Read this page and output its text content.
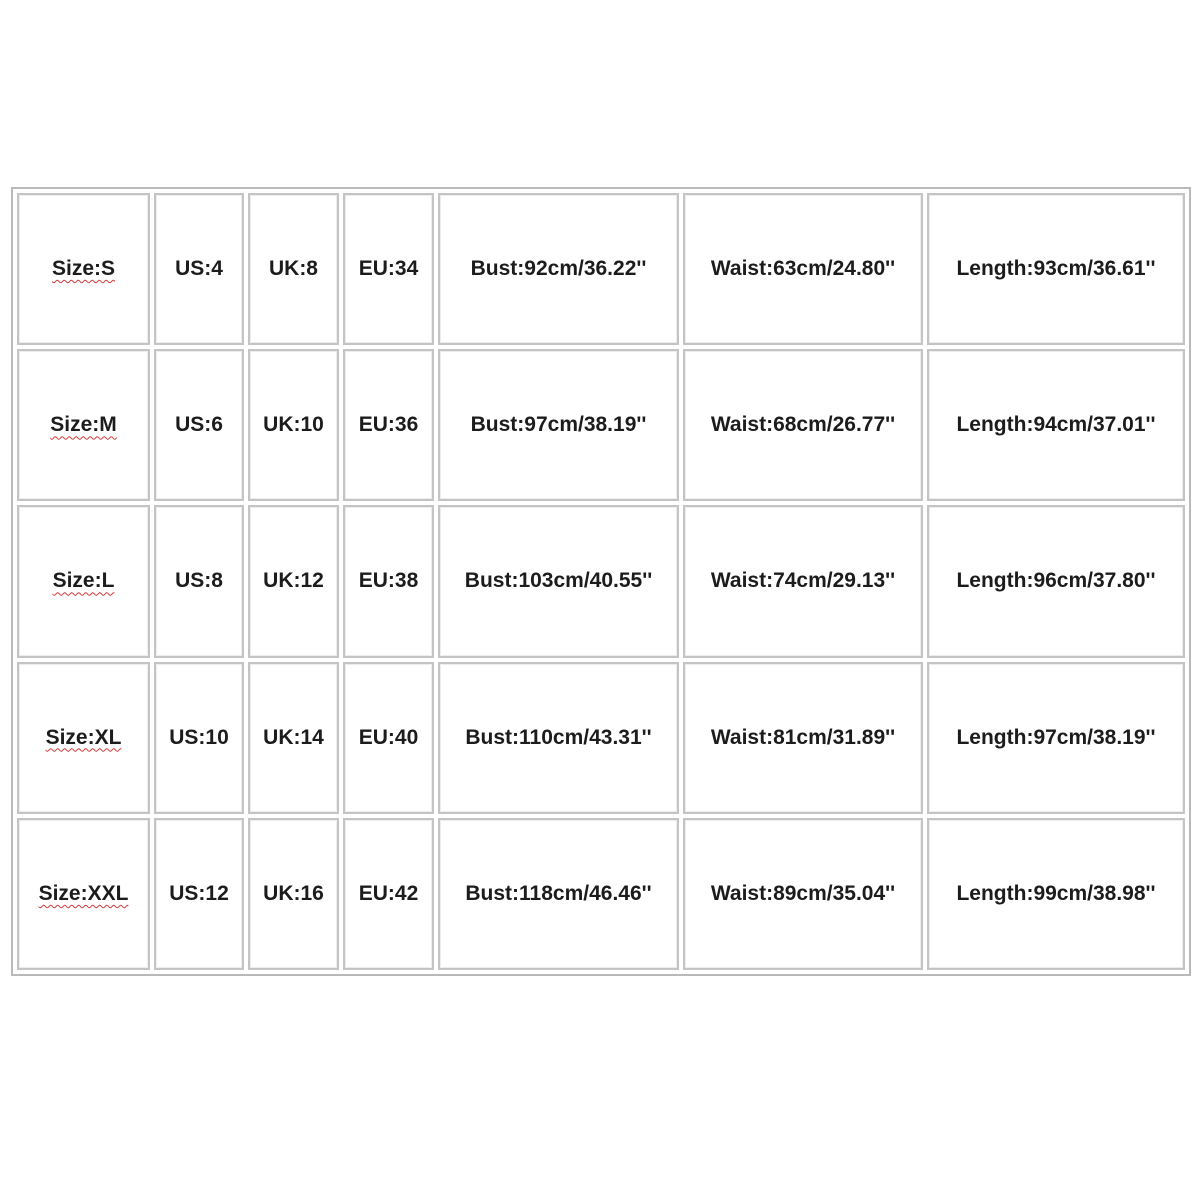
Size:S	US:4	UK:8	EU:34	Bust:92cm/36.22''	Waist:63cm/24.80''	Length:93cm/36.61''
Size:M	US:6	UK:10	EU:36	Bust:97cm/38.19''	Waist:68cm/26.77''	Length:94cm/37.01''
Size:L	US:8	UK:12	EU:38	Bust:103cm/40.55''	Waist:74cm/29.13''	Length:96cm/37.80''
Size:XL	US:10	UK:14	EU:40	Bust:110cm/43.31''	Waist:81cm/31.89''	Length:97cm/38.19''
Size:XXL	US:12	UK:16	EU:42	Bust:118cm/46.46''	Waist:89cm/35.04''	Length:99cm/38.98''
